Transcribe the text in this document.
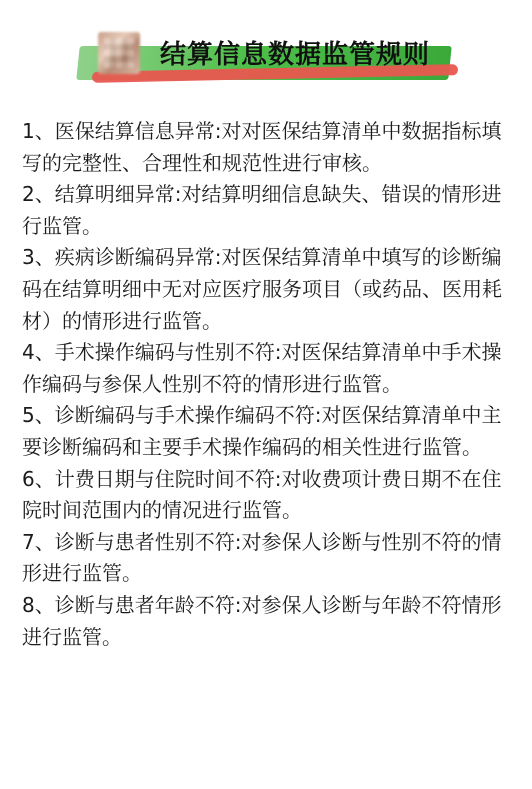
结算信息数据监管规则
1、医保结算信息异常:对对医保结算清单中数据指标填写的完整性、合理性和规范性进行审核。
2、结算明细异常:对结算明细信息缺失、错误的情形进行监管。
3、疾病诊断编码异常:对医保结算清单中填写的诊断编码在结算明细中无对应医疗服务项目（或药品、医用耗材）的情形进行监管。
4、手术操作编码与性别不符:对医保结算清单中手术操作编码与参保人性别不符的情形进行监管。
5、诊断编码与手术操作编码不符:对医保结算清单中主要诊断编码和主要手术操作编码的相关性进行监管。
6、计费日期与住院时间不符:对收费项计费日期不在住院时间范围内的情况进行监管。
7、诊断与患者性别不符:对参保人诊断与性别不符的情形进行监管。
8、诊断与患者年龄不符:对参保人诊断与年龄不符情形进行监管。
